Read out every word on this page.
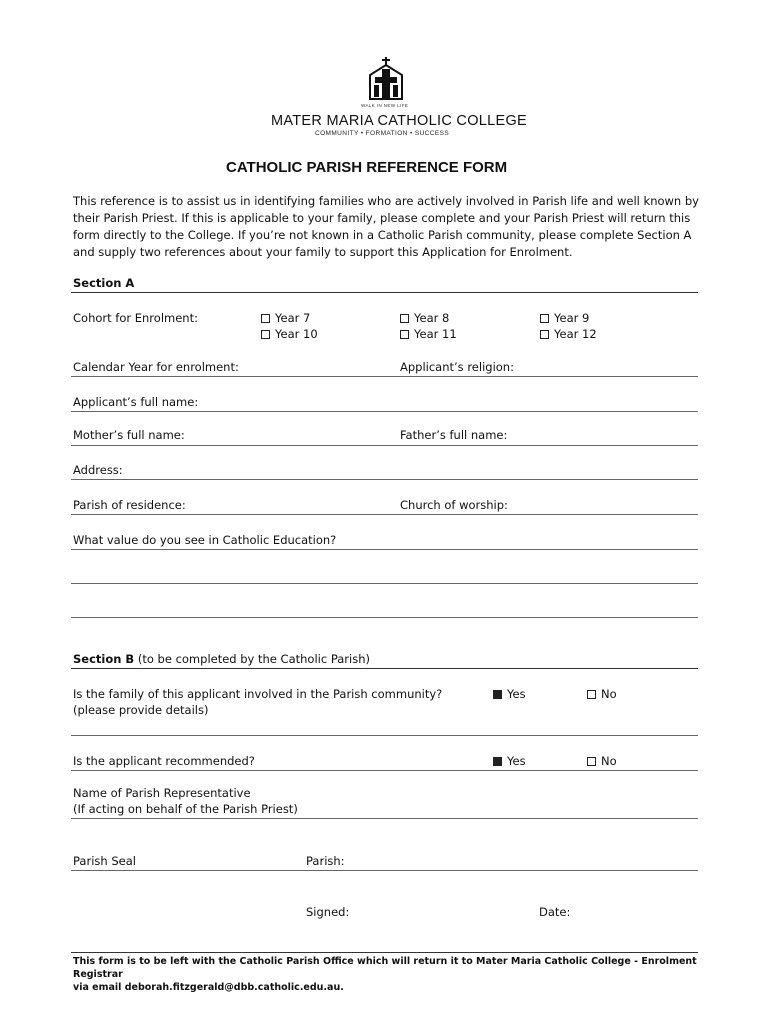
WALK IN NEW LIFE
MATER MARIA CATHOLIC COLLEGE
COMMUNITY • FORMATION • SUCCESS
CATHOLIC PARISH REFERENCE FORM
This reference is to assist us in identifying families who are actively involved in Parish life and well known by their Parish Priest. If this is applicable to your family, please complete and your Parish Priest will return this form directly to the College. If you’re not known in a Catholic Parish community, please complete Section A and supply two references about your family to support this Application for Enrolment.
Section A
Cohort for Enrolment:	Year 7	Year 8	Year 9
Year 10	Year 11	Year 12
Calendar Year for enrolment:	Applicant’s religion:
Applicant’s full name:
Mother’s full name:	Father’s full name:
Address:
Parish of residence:	Church of worship:
What value do you see in Catholic Education?
Section B (to be completed by the Catholic Parish)
Is the family of this applicant involved in the Parish community?
(please provide details)
Yes	No
Is the applicant recommended?	Yes	No
Name of Parish Representative
(If acting on behalf of the Parish Priest)
Parish Seal	Parish:
Signed:	Date:
This form is to be left with the Catholic Parish Office which will return it to Mater Maria Catholic College - Enrolment Registrar
via email deborah.fitzgerald@dbb.catholic.edu.au.
